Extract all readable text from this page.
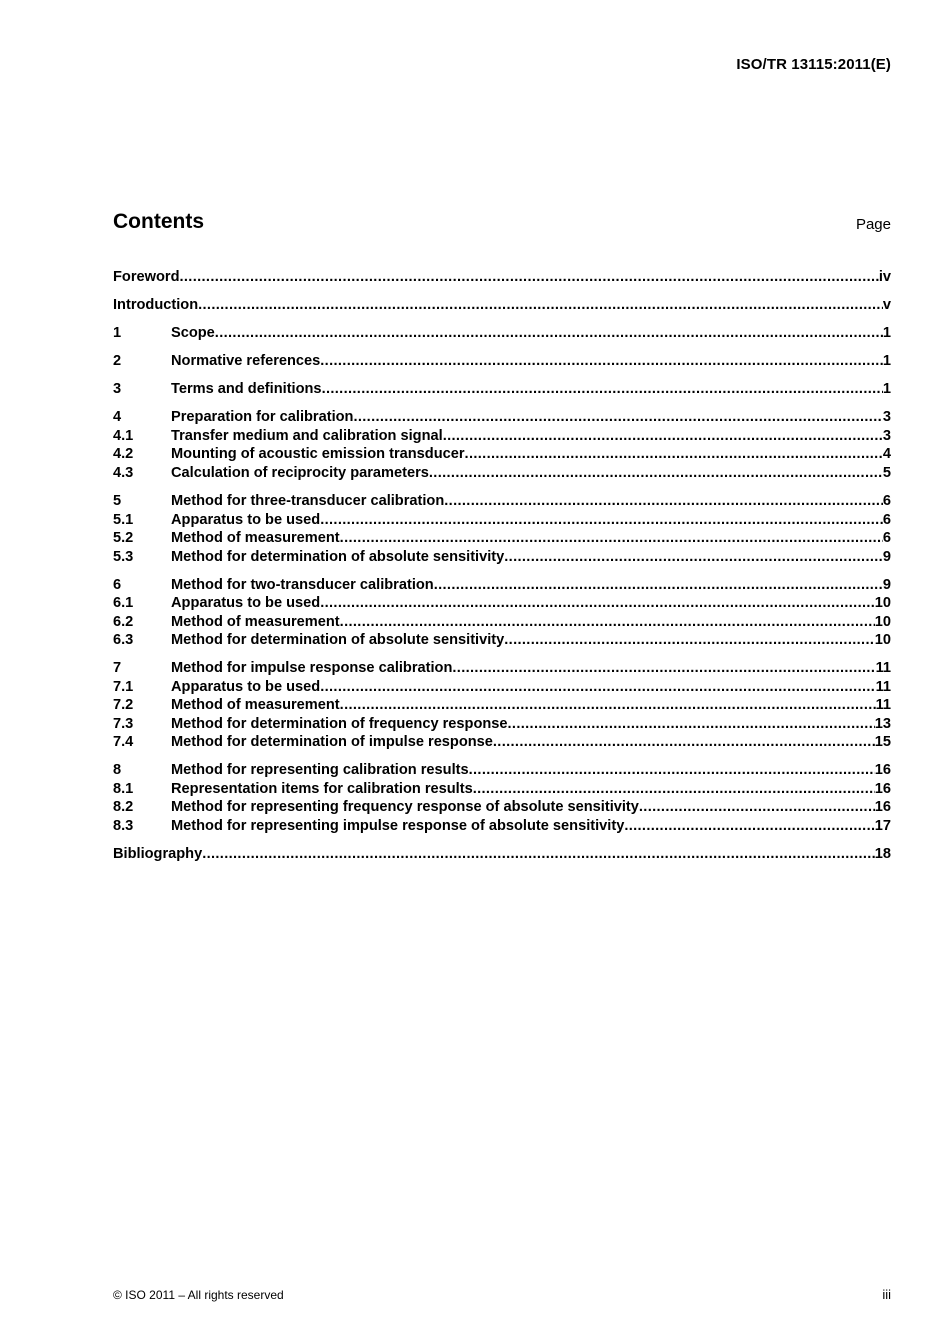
ISO/TR 13115:2011(E)
Contents	Page
Foreword .....	iv
Introduction .....	v
1	Scope .....	1
2	Normative references .....	1
3	Terms and definitions .....	1
4	Preparation for calibration .....	3
4.1	Transfer medium and calibration signal .....	3
4.2	Mounting of acoustic emission transducer .....	4
4.3	Calculation of reciprocity parameters .....	5
5	Method for three-transducer calibration .....	6
5.1	Apparatus to be used .....	6
5.2	Method of measurement .....	6
5.3	Method for determination of absolute sensitivity .....	9
6	Method for two-transducer calibration .....	9
6.1	Apparatus to be used .....	10
6.2	Method of measurement .....	10
6.3	Method for determination of absolute sensitivity .....	10
7	Method for impulse response calibration .....	11
7.1	Apparatus to be used .....	11
7.2	Method of measurement .....	11
7.3	Method for determination of frequency response .....	13
7.4	Method for determination of impulse response .....	15
8	Method for representing calibration results .....	16
8.1	Representation items for calibration results .....	16
8.2	Method for representing frequency response of absolute sensitivity .....	16
8.3	Method for representing impulse response of absolute sensitivity .....	17
Bibliography .....	18
© ISO 2011 – All rights reserved	iii
